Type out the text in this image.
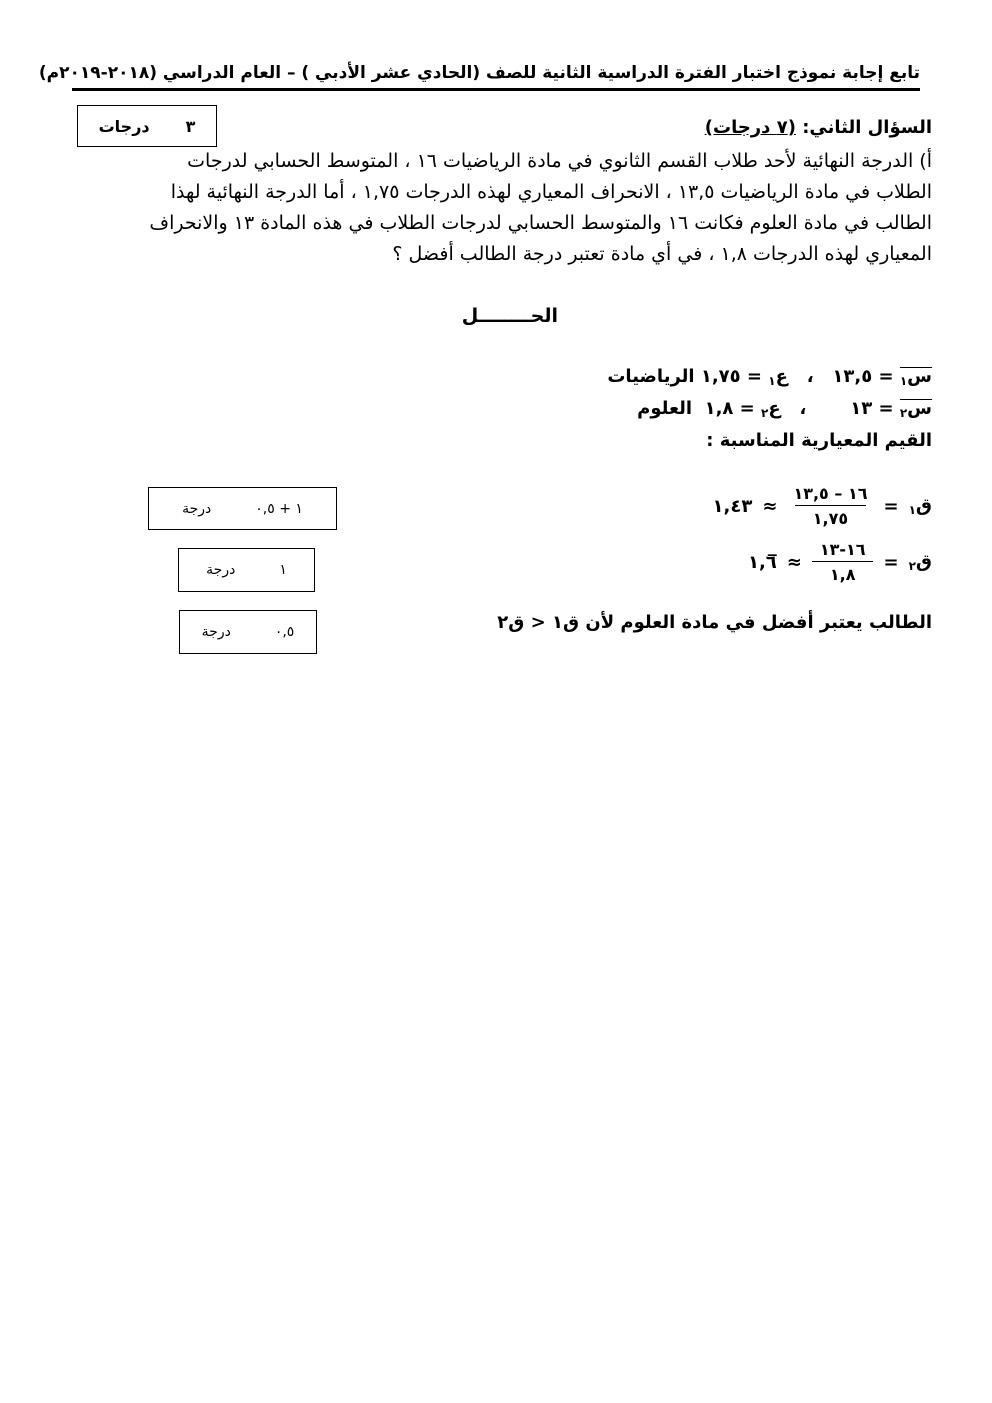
تابع إجابة نموذج اختبار الفترة الدراسية الثانية للصف (الحادي عشر الأدبي ) – العام الدراسي (٢٠١٨-٢٠١٩م)
٣
درجات	السؤال الثاني: (٧ درجات)
أ) الدرجة النهائية لأحد طلاب القسم الثانوي في مادة الرياضيات ١٦ ، المتوسط الحسابي لدرجات
الطلاب في مادة الرياضيات ١٣,٥ ، الانحراف المعياري لهذه الدرجات ١,٧٥ ، أما الدرجة النهائية لهذا
الطالب في مادة العلوم فكانت ١٦ والمتوسط الحسابي لدرجات الطلاب في هذه المادة ١٣ والانحراف
المعياري لهذه الدرجات ١,٨ ، في أي مادة تعتبر درجة الطالب أفضل ؟
الحــــــــل
س$_١$ = ١٣,٥   ،   ع$_١$ = ١,٧٥ الرياضيات
س$_٢$ = ١٣       ،   ع$_٢$ = ١,٨  العلوم
القيم المعيارية المناسبة :
ق$_١$
=
$\frac{١٦ - ١٣,٥}{١,٧٥}$
≈
١,٤٣
ق$_٢$
=
$\frac{١٦-١٣}{١,٨}$
≈
١,٦̅
الطالب يعتبر أفضل في مادة العلوم لأن ق١ < ق٢
١ + ٠,٥
درجة
١
درجة
٠,٥
درجة
